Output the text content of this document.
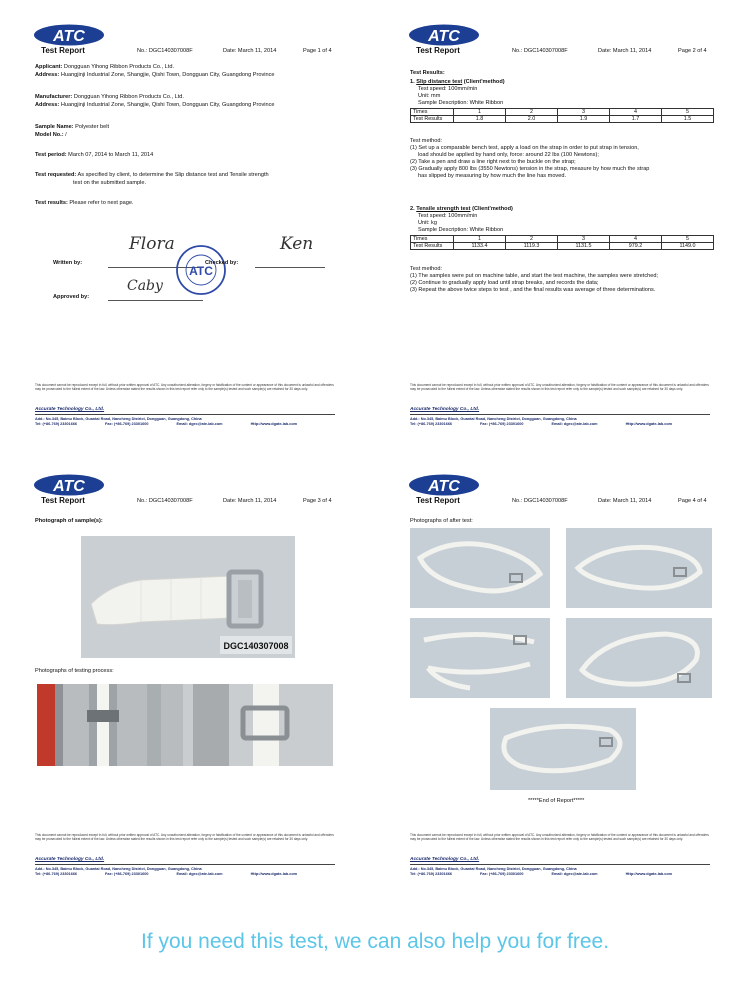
ATC
Test Report	No.: DGC140307008F	Date: March 11, 2014	Page 1 of 4
Applicant: Dongguan Yihong Ribbon Products Co., Ltd.
Address: Huangjinji Industrial Zone, Shangjie, Qishi Town, Dongguan City, Guangdong Province
Manufacturer: Dongguan Yihong Ribbon Products Co., Ltd.
Address: Huangjinji Industrial Zone, Shangjie, Qishi Town, Dongguan City, Guangdong Province
Sample Name: Polyester belt
Model No.: /
Test period: March 07, 2014 to March 11, 2014
Test requested: As specified by client, to determine the Slip distance test and Tensile strength
test on the submitted sample.
Test results: Please refer to next page.
Written by:
Flora
ATC
Checked by:
Ken
Approved by:
Caby
This document cannot be reproduced except in full, without prior written approval of ATC. Any unauthorized alteration, forgery or falsification of the content or appearance of this document is unlawful and offenders may be prosecuted to the fullest extent of the law. Unless otherwise stated the results shown in this test report refer only to the sample(s) tested and such sample(s) are retained for 30 days only.
Accurate Technology Co., Ltd.
Add.: No.345, Baimu Block, Guantai Road, Nancheng District, Dongguan, Guangdong, China
Tel: (+86-769) 23301666	Fax: (+86-769) 23301600	Email: dgec@ate-lab.com	Http://www.dgate-lab.com
ATC
Test Report	No.: DGC140307008F	Date: March 11, 2014	Page 2 of 4
Test Results:
1. Slip distance test (Client'method)
Test speed: 100mm/min
Unit: mm
Sample Description: White Ribbon
Times	1	2	3	4	5
Test Results	1.8	2.0	1.9	1.7	1.5
Test method:
(1) Set up a comparable bench test, apply a load on the strap in order to put strap in tension,
load should be applied by hand only, force: around 22 lbs (100 Newtons);
(2) Take a pen and draw a line right next to the buckle on the strap;
(3) Gradually apply 800 lbs (3550 Newtons) tension in the strap, measure by how much the strap
has slipped by measuring by how much the line has moved.
2. Tensile strength test (Client'method)
Test speed: 100mm/min
Unit: kg
Sample Description: White Ribbon
Times	1	2	3	4	5
Test Results	1133.4	1119.3	1131.5	979.2	1149.0
Test method:
(1) The samples were put on machine table, and start the test machine, the samples were stretched;
(2) Continue to gradually apply load until strap breaks, and records the data;
(3) Repeat the above twice steps to test , and the final results was average of three determinations.
This document cannot be reproduced except in full, without prior written approval of ATC. Any unauthorized alteration, forgery or falsification of the content or appearance of this document is unlawful and offenders may be prosecuted to the fullest extent of the law. Unless otherwise stated the results shown in this test report refer only to the sample(s) tested and such sample(s) are retained for 30 days only.
Accurate Technology Co., Ltd.
Add.: No.345, Baimu Block, Guantai Road, Nancheng District, Dongguan, Guangdong, China
Tel: (+86-769) 23301666	Fax: (+86-769) 23301600	Email: dgec@ate-lab.com	Http://www.dgate-lab.com
ATC
Test Report	No.: DGC140307008F	Date: March 11, 2014	Page 3 of 4
Photograph of sample(s):
DGC140307008
Photographs of testing process:
This document cannot be reproduced except in full, without prior written approval of ATC. Any unauthorized alteration, forgery or falsification of the content or appearance of this document is unlawful and offenders may be prosecuted to the fullest extent of the law. Unless otherwise stated the results shown in this test report refer only to the sample(s) tested and such sample(s) are retained for 30 days only.
Accurate Technology Co., Ltd.
Add.: No.345, Baimu Block, Guantai Road, Nancheng District, Dongguan, Guangdong, China
Tel: (+86-769) 23301666	Fax: (+86-769) 23301600	Email: dgec@ate-lab.com	Http://www.dgate-lab.com
ATC
Test Report	No.: DGC140307008F	Date: March 11, 2014	Page 4 of 4
Photographs of after test:
*****End of Report*****
This document cannot be reproduced except in full, without prior written approval of ATC. Any unauthorized alteration, forgery or falsification of the content or appearance of this document is unlawful and offenders may be prosecuted to the fullest extent of the law. Unless otherwise stated the results shown in this test report refer only to the sample(s) tested and such sample(s) are retained for 30 days only.
Accurate Technology Co., Ltd.
Add.: No.345, Baimu Block, Guantai Road, Nancheng District, Dongguan, Guangdong, China
Tel: (+86-769) 23301666	Fax: (+86-769) 23301600	Email: dgec@ate-lab.com	Http://www.dgate-lab.com
If you need this test, we can also help you for free.
